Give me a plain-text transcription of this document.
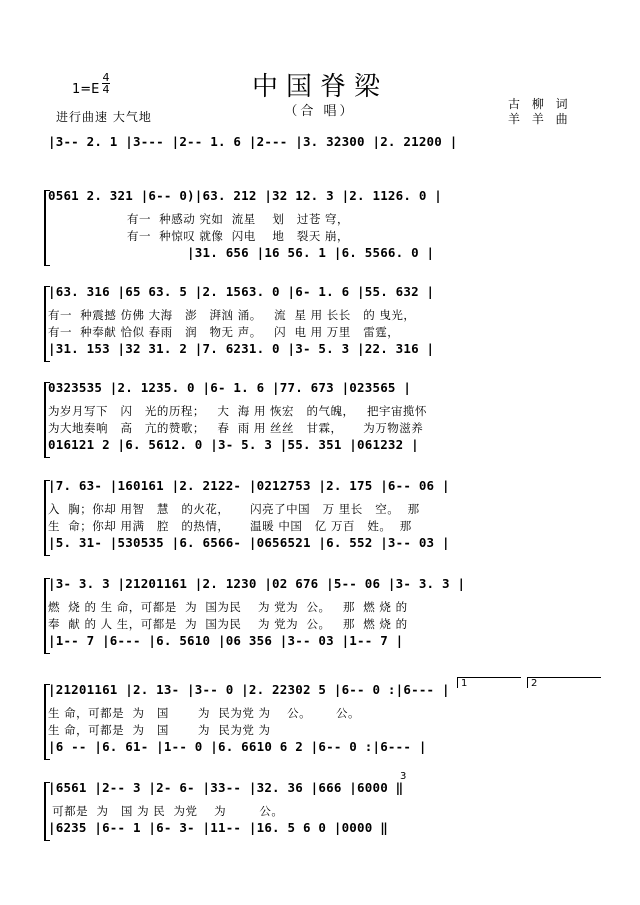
中国脊梁
（合 唱）
1=E
4
4
进行曲速 大气地
古 柳 词
羊 羊 曲
1	2
3
|3-- 2. 1 |3--- |2-- 1. 6 |2--- |3. 3̇2300 |2. 21200 |
0561 2. 321 |6-- 0)|63. 212 |32 12. 3 |2. 1126. 0 |
有一  种感动 究如  流星    划   过苍 穹，
有一  种惊叹 就像  闪电    地   裂天 崩，
|31. 656 |16 56. 1 |6. 5566. 0 |
|63. 316 |65 63. 5 |2. 1563. 0 |6- 1. 6 |55. 632 |
有一  种震撼 仿佛 大海   澎   湃汹 涌。   流  星 用 长长   的 曳光，
有一  种奉献 恰似 春雨   润   物无 声。   闪  电 用 万里   雷霆，
|31. 153 |32 31. 2 |7. 6231. 0 |3- 5. 3 |22. 316 |
0323535 |2. 1235. 0 |6- 1. 6 |77. 673 |023565 |
为岁月写下   闪   光的历程；   大  海 用 恢宏   的气魄，   把宇宙揽怀
为大地奏响   高   亢的赞歌；   春  雨 用 丝丝   甘霖，     为万物滋养
016121 2 |6. 5612. 0 |3- 5. 3 |55. 351 |061232 |
|7. 63- |160161 |2. 2122- |0212753 |2. 175 |6-- 06 |
入  胸；你却 用智   慧   的火花，     闪亮了中国   万 里长   空。  那
生  命；你却 用满   腔   的热情，     温暖 中国   亿 万百   姓。  那
|5. 31- |530535 |6. 6566- |0656521 |6. 552 |3-- 03 |
|3- 3. 3 |21201161 |2. 1230 |02 676 |5-- 06 |3- 3. 3 |
燃  烧 的 生 命，可都是  为  国为民    为 党为  公。   那  燃 烧 的
奉  献 的 人 生，可都是  为  国为民    为 党为  公。   那  燃 烧 的
|1-- 7 |6--- |6. 5610 |06 356 |3-- 03 |1-- 7 |
|21201161 |2. 13- |3-- 0 |2. 22302 5 |6-- 0 :|6--- |
生 命，可都是  为   国       为  民为党 为    公。      公。
生 命，可都是  为   国       为  民为党 为
|6 -- |6. 61- |1-- 0 |6. 6610 6 2 |6-- 0 :|6--- |
|6561 |2-- 3 |2- 6- |33-- |32. 36 |666 |6000 ‖
可都是  为   国 为 民  为党    为        公。
|6235 |6-- 1 |6- 3- |11-- |16. 5 6 0 |0000 ‖
